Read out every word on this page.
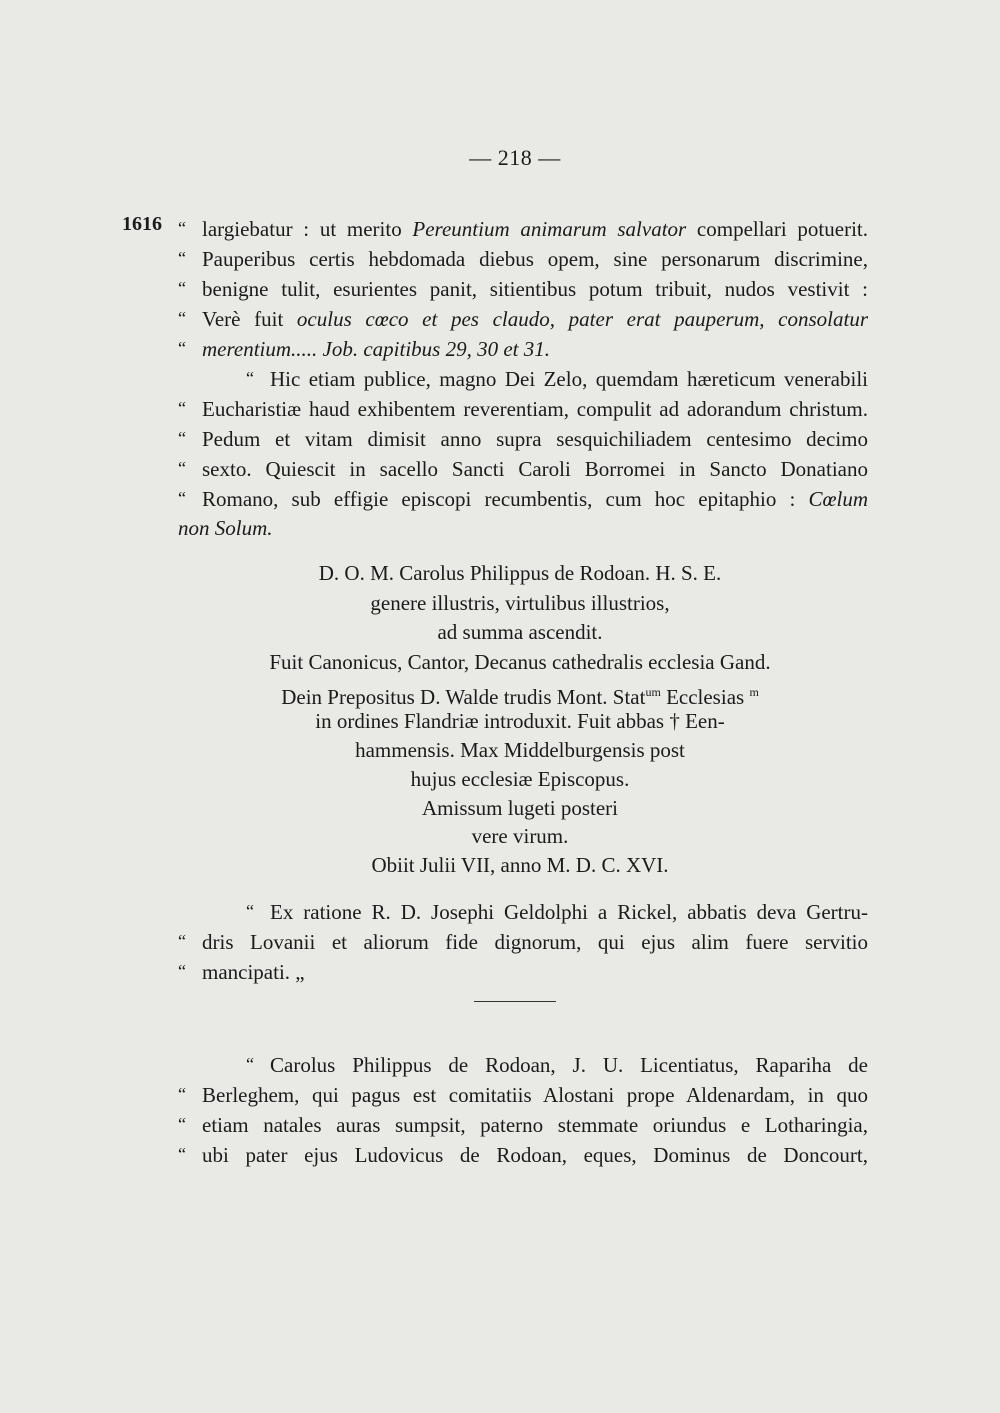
— 218 —
1616 “ largiebatur : ut merito Pereuntium animarum salvator compellari potuerit.
“ Pauperibus certis hebdomada diebus opem, sine personarum discrimine,
“ benigne tulit, esurientes panit, sitientibus potum tribuit, nudos vestivit :
“ Verè fuit oculus cœco et pes claudo, pater erat pauperum, consolatur
“ merentium..... Job. capitibus 29, 30 et 31.
“ Hic etiam publice, magno Dei Zelo, quemdam hæreticum venerabili
“ Eucharistiæ haud exhibentem reverentiam, compulit ad adorandum christum.
“ Pedum et vitam dimisit anno supra sesquichiliadem centesimo decimo
“ sexto. Quiescit in sacello Sancti Caroli Borromei in Sancto Donatiano
“ Romano, sub effigie episcopi recumbentis, cum hoc epitaphio : Cœlum
non Solum.
D. O. M. Carolus Philippus de Rodoan. H. S. E.
genere illustris, virtulibus illustrios,
ad summa ascendit.
Fuit Canonicus, Cantor, Decanus cathedralis ecclesia Gand.
Dein Prepositus D. Walde trudis Mont. Stat$^{um}$ Ecclesias $^m$
in ordines Flandriæ introduxit. Fuit abbas † Een-
hammensis. Max Middelburgensis post
hujus ecclesiæ Episcopus.
Amissum lugeti posteri
vere virum.
Obiit Julii VII, anno M. D. C. XVI.
“ Ex ratione R. D. Josephi Geldolphi a Rickel, abbatis deva Gertru-
“ dris Lovanii et aliorum fide dignorum, qui ejus alim fuere servitio
“ mancipati. „
“ Carolus Philippus de Rodoan, J. U. Licentiatus, Rapariha de
“ Berleghem, qui pagus est comitatiis Alostani prope Aldenardam, in quo
“ etiam natales auras sumpsit, paterno stemmate oriundus e Lotharingia,
“ ubi pater ejus Ludovicus de Rodoan, eques, Dominus de Doncourt,
